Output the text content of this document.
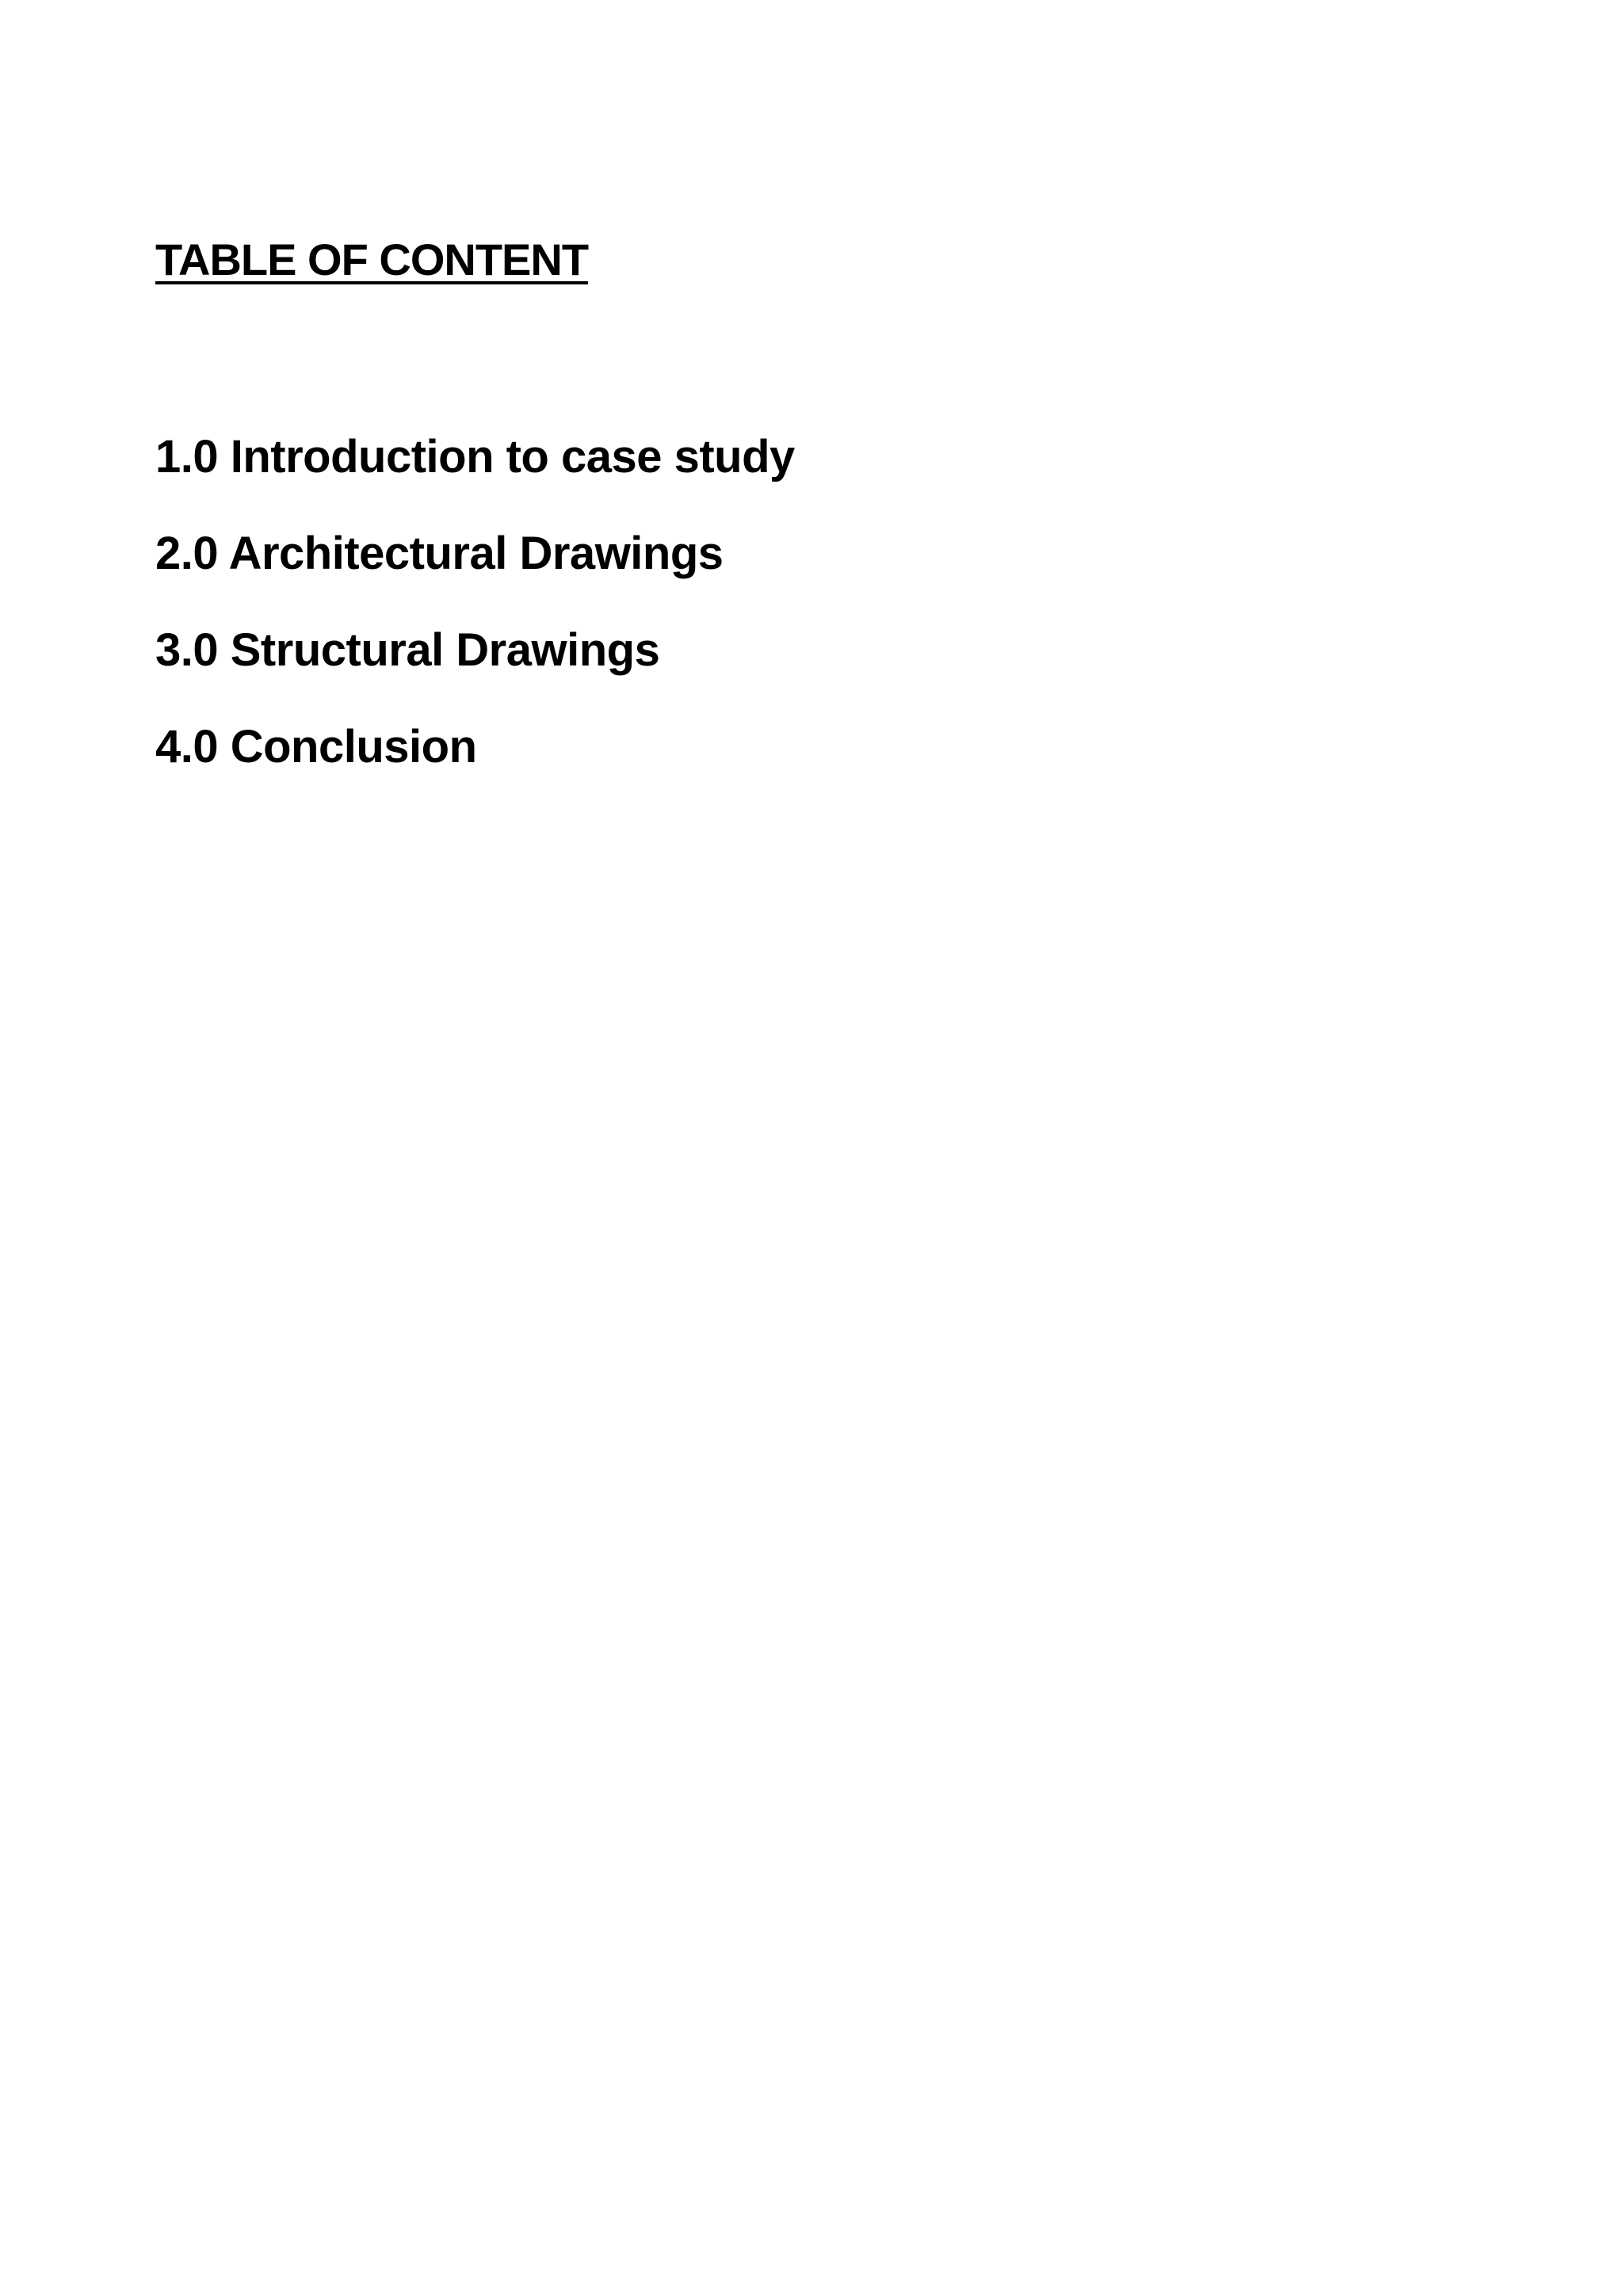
TABLE OF CONTENT
1.0 Introduction to case study
2.0 Architectural Drawings
3.0 Structural Drawings
4.0 Conclusion
